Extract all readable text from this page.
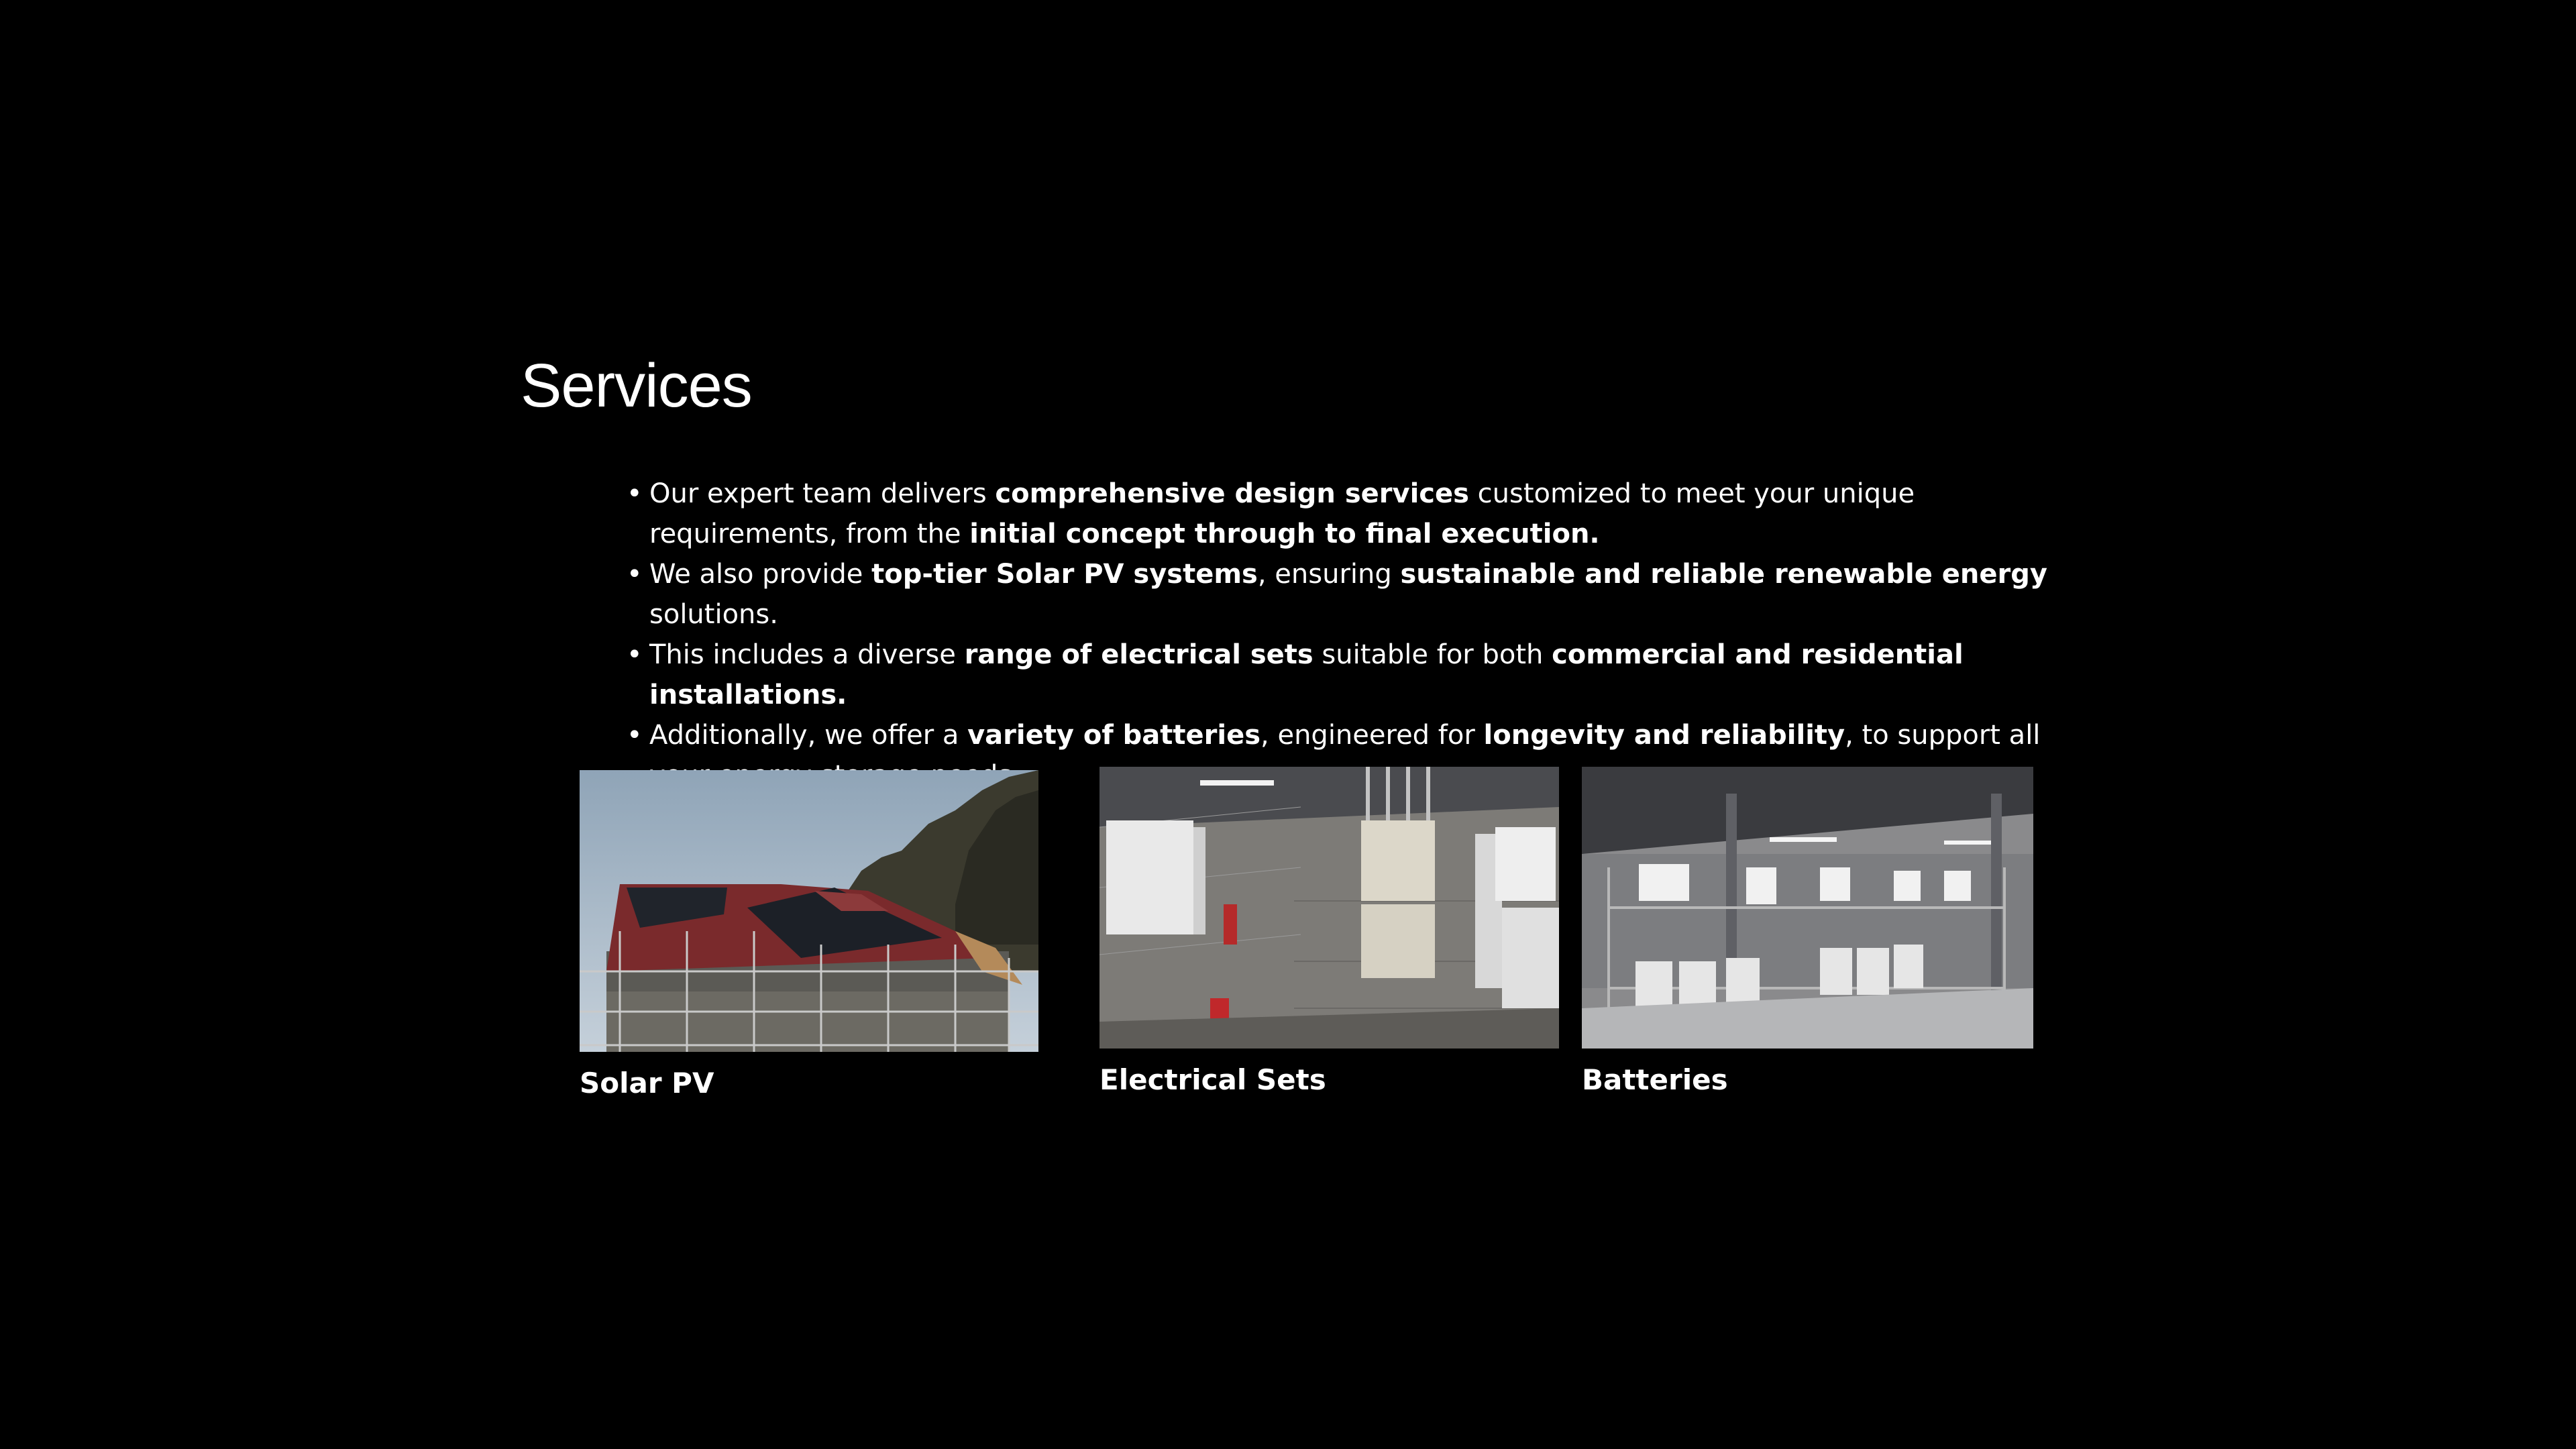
Services
• Our expert team delivers comprehensive design services customized to meet your unique requirements, from the initial concept through to final execution.
• We also provide top-tier Solar PV systems, ensuring sustainable and reliable renewable energy solutions.
• This includes a diverse range of electrical sets suitable for both commercial and residential installations.
• Additionally, we offer a variety of batteries, engineered for longevity and reliability, to support all
Solar PV	Electrical Sets	Batteries
